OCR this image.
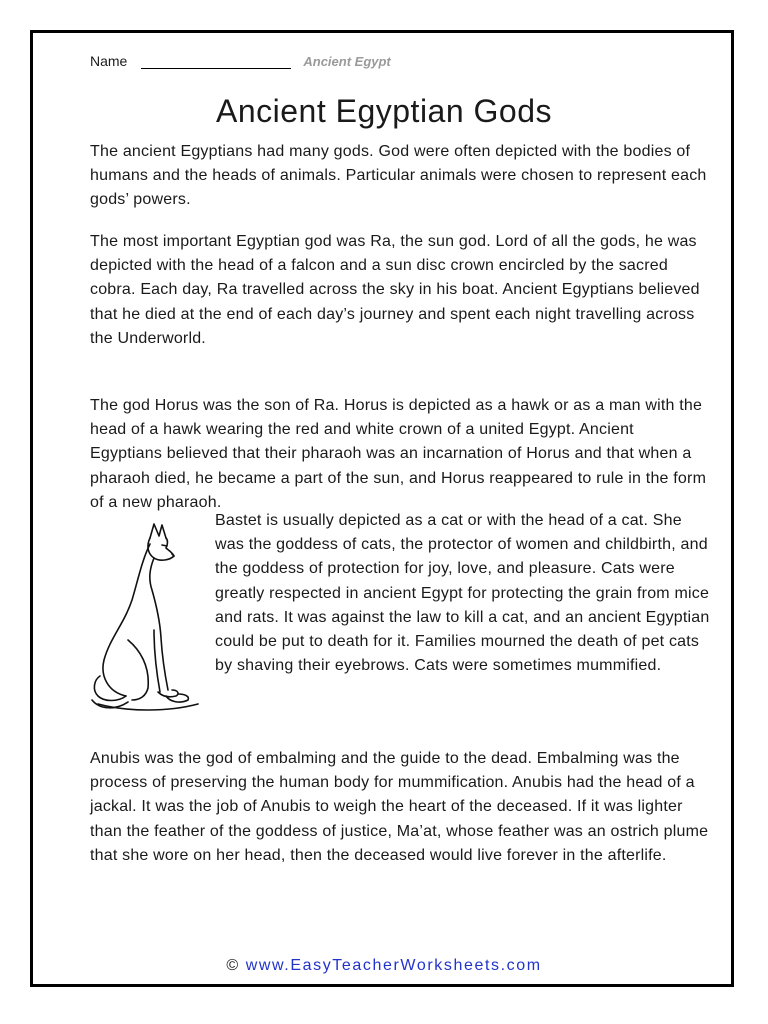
Name	Ancient Egypt
Ancient Egyptian Gods

The ancient Egyptians had many gods. God were often depicted with the bodies of humans and the heads of animals. Particular animals were chosen to represent each gods’ powers.

The most important Egyptian god was Ra, the sun god. Lord of all the gods, he was depicted with the head of a falcon and a sun disc crown encircled by the sacred cobra. Each day, Ra travelled across the sky in his boat. Ancient Egyptians believed that he died at the end of each day’s journey and spent each night travelling across the Underworld.

The god Horus was the son of Ra. Horus is depicted as a hawk or as a man with the head of a hawk wearing the red and white crown of a united Egypt. Ancient Egyptians believed that their pharaoh was an incarnation of Horus and that when a pharaoh died, he became a part of the sun, and Horus reappeared to rule in the form of a new pharaoh.

Bastet is usually depicted as a cat or with the head of a cat. She was the goddess of cats, the protector of women and childbirth, and the goddess of protection for joy, love, and pleasure. Cats were greatly respected in ancient Egypt for protecting the grain from mice and rats. It was against the law to kill a cat, and an ancient Egyptian could be put to death for it. Families mourned the death of pet cats by shaving their eyebrows. Cats were sometimes mummified.

Anubis was the god of embalming and the guide to the dead. Embalming was the process of preserving the human body for mummification. Anubis had the head of a jackal. It was the job of Anubis to weigh the heart of the deceased. If it was lighter than the feather of the goddess of justice, Ma’at, whose feather was an ostrich plume that she wore on her head, then the deceased would live forever in the afterlife.

© www.EasyTeacherWorksheets.com
